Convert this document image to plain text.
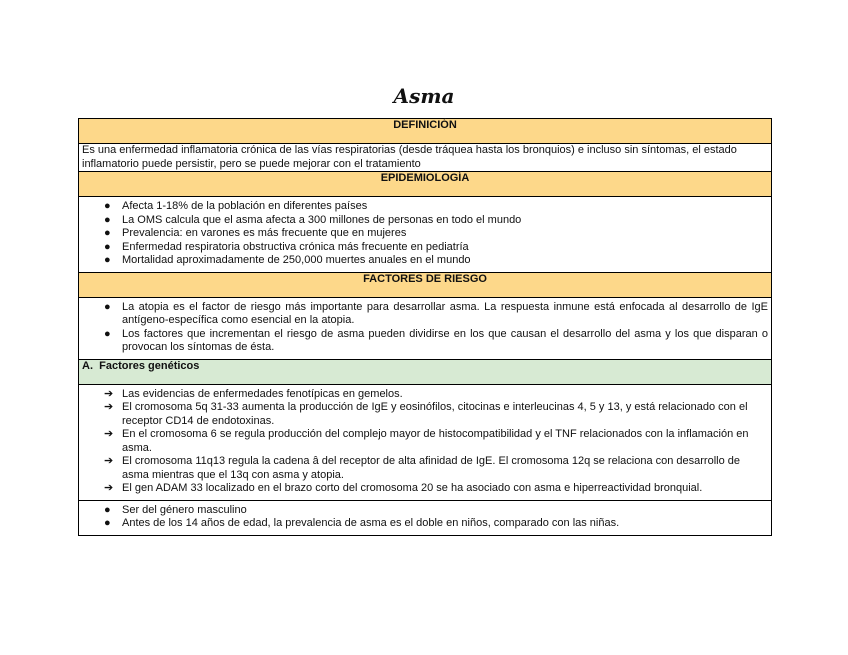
Asma
DEFINICIÓN
Es una enfermedad inflamatoria crónica de las vías respiratorias (desde tráquea hasta los bronquios) e incluso sin síntomas, el estado inflamatorio puede persistir, pero se puede mejorar con el tratamiento
EPIDEMIOLOGÍA

● Afecta 1-18% de la población en diferentes países
● La OMS calcula que el asma afecta a 300 millones de personas en todo el mundo
● Prevalencia: en varones es más frecuente que en mujeres
● Enfermedad respiratoria obstructiva crónica más frecuente en pediatría
● Mortalidad aproximadamente de 250,000 muertes anuales en el mundo

FACTORES DE RIESGO

● La atopia es el factor de riesgo más importante para desarrollar asma. La respuesta inmune está enfocada al desarrollo de IgE antígeno-específica como esencial en la atopia.
● Los factores que incrementan el riesgo de asma pueden dividirse en los que causan el desarrollo del asma y los que disparan o provocan los síntomas de ésta.

A. Factores genéticos

➔ Las evidencias de enfermedades fenotípicas en gemelos.
➔ El cromosoma 5q 31-33 aumenta la producción de IgE y eosinófilos, citocinas e interleucinas 4, 5 y 13, y está relacionado con el receptor CD14 de endotoxinas.
➔ En el cromosoma 6 se regula producción del complejo mayor de histocompatibilidad y el TNF relacionados con la inflamación en asma.
➔ El cromosoma 11q13 regula la cadena â del receptor de alta afinidad de IgE. El cromosoma 12q se relaciona con desarrollo de asma mientras que el 13q con asma y atopia.
➔ El gen ADAM 33 localizado en el brazo corto del cromosoma 20 se ha asociado con asma e hiperreactividad bronquial.

● Ser del género masculino
● Antes de los 14 años de edad, la prevalencia de asma es el doble en niños, comparado con las niñas.
